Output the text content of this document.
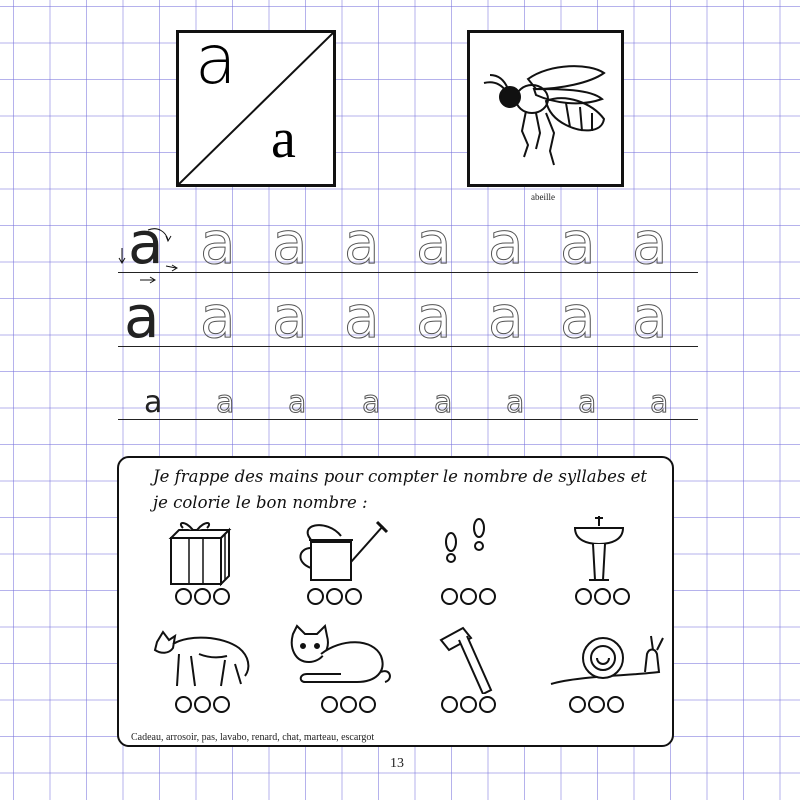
a
a
abeille
a a a a a a a a
a a a a a a a a
a a a a a a a a
Je frappe des mains pour compter le nombre de syllabes et je colorie le bon nombre :
Cadeau, arrosoir, pas, lavabo, renard, chat, marteau, escargot
13
